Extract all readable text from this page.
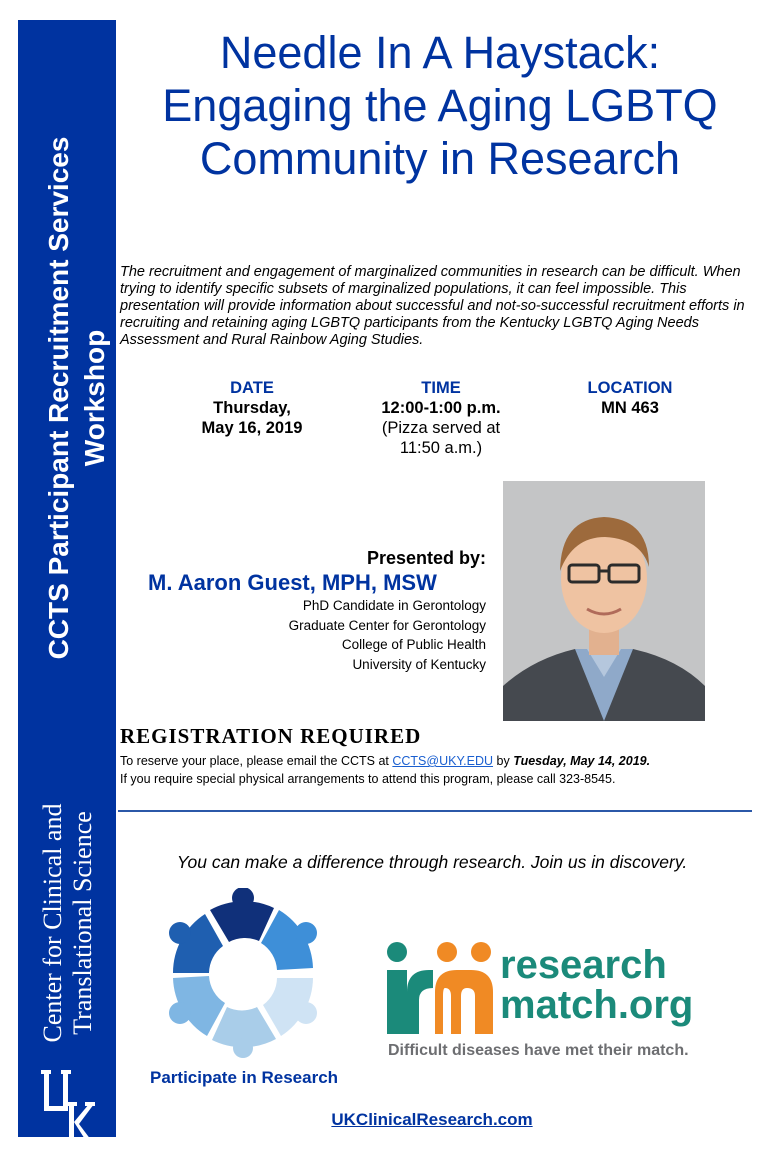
CCTS Participant Recruitment Services
Workshop
Center for Clinical and
Translational Science
Needle In A Haystack: Engaging the Aging LGBTQ Community in Research
The recruitment and engagement of marginalized communities in research can be difficult. When trying to identify specific subsets of marginalized populations, it can feel impossible. This presentation will provide information about successful and not-so-successful recruitment efforts in recruiting and retaining aging LGBTQ participants from the Kentucky LGBTQ Aging Needs Assessment and Rural Rainbow Aging Studies.
DATE
Thursday,
May 16, 2019
TIME
12:00-1:00 p.m.
(Pizza served at
11:50 a.m.)
LOCATION
MN 463
Presented by:
M. Aaron Guest, MPH, MSW
PhD Candidate in Gerontology
Graduate Center for Gerontology
College of Public Health
University of Kentucky
REGISTRATION REQUIRED
To reserve your place, please email the CCTS at CCTS@UKY.EDU by Tuesday, May 14, 2019.
If you require special physical arrangements to attend this program, please call 323-8545.
You can make a difference through research. Join us in discovery.
Participate in Research
research
match.org
Difficult diseases have met their match.
UKClinicalResearch.com
